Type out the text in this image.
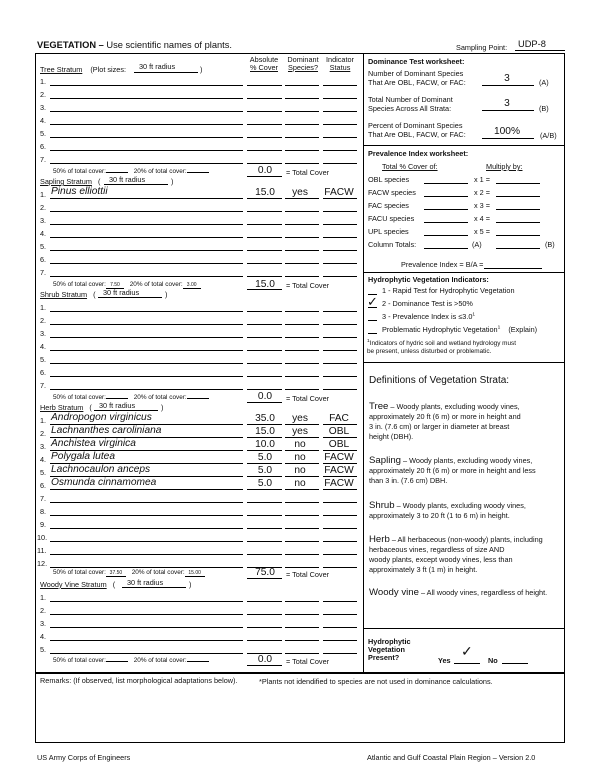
VEGETATION – Use scientific names of plants.	Sampling Point: UDP-8
Absolute
% Cover
Dominant
Species?
Indicator
Status
Tree Stratum (Plot sizes: 30 ft radius	)
1.
2.
3.
4.
5.
6.
7.
50% of total cover:	20% of total cover:	0.0	= Total Cover
Sapling Stratum ( 30 ft radius	)
1. Pinus elliottii	15.0	yes	FACW
2.
3.
4.
5.
6.
7.
50% of total cover: 7.50 20% of total cover: 3.00	15.0	= Total Cover
Shrub Stratum ( 30 ft radius	)
1.
2.
3.
4.
5.
6.
7.
50% of total cover:	20% of total cover:	0.0	= Total Cover
Herb Stratum ( 30 ft radius	)
1. Andropogon virginicus	35.0	yes	FAC
2. Lachnanthes caroliniana	15.0	yes	OBL
3. Anchistea virginica	10.0	no	OBL
4. Polygala lutea	5.0	no	FACW
5. Lachnocaulon anceps	5.0	no	FACW
6. Osmunda cinnamomea	5.0	no	FACW
7.
8.
9.
10.
11.
12.
50% of total cover: 37.50 20% of total cover: 15.00	75.0	= Total Cover
Woody Vine Stratum ( 30 ft radius	)
1.
2.
3.
4.
5.
50% of total cover:	20% of total cover:	0.0	= Total Cover
Dominance Test worksheet:
Number of Dominant Species
That Are OBL, FACW, or FAC:	3	(A)
Total Number of Dominant
Species Across All Strata:	3	(B)
Percent of Dominant Species
That Are OBL, FACW, or FAC:	100%	(A/B)
Prevalence Index worksheet:
Total % Cover of:	Multiply by:
OBL species	x 1 =
FACW species	x 2 =
FAC species	x 3 =
FACU species	x 4 =
UPL species	x 5 =
Column Totals:	(A)	(B)
Prevalence Index = B/A =
Hydrophytic Vegetation Indicators:
1 - Rapid Test for Hydrophytic Vegetation
✓ 2 - Dominance Test is >50%
3 - Prevalence Index is $\le 3.0^1$
Problematic Hydrophytic Vegetation$^1$ (Explain)
$^1$Indicators of hydric soil and wetland hydrology must
be present, unless disturbed or problematic.
Definitions of Vegetation Strata:
Tree – Woody plants, excluding woody vines,
approximately 20 ft (6 m) or more in height and
3 in. (7.6 cm) or larger in diameter at breast
height (DBH).
Sapling – Woody plants, excluding woody vines,
approximately 20 ft (6 m) or more in height and less
than 3 in. (7.6 cm) DBH.
Shrub – Woody plants, excluding woody vines,
approximately 3 to 20 ft (1 to 6 m) in height.
Herb – All herbaceous (non-woody) plants, including
herbaceous vines, regardless of size AND
woody plants, except woody vines, less than
approximately 3 ft (1 m) in height.
Woody vine – All woody vines, regardless of height.
Hydrophytic
Vegetation
Present?	Yes
✓
No
Remarks: (If observed, list morphological adaptations below).	*Plants not idendified to species are not used in dominance calculations.
US Army Corps of Engineers	Atlantic and Gulf Coastal Plain Region – Version 2.0
